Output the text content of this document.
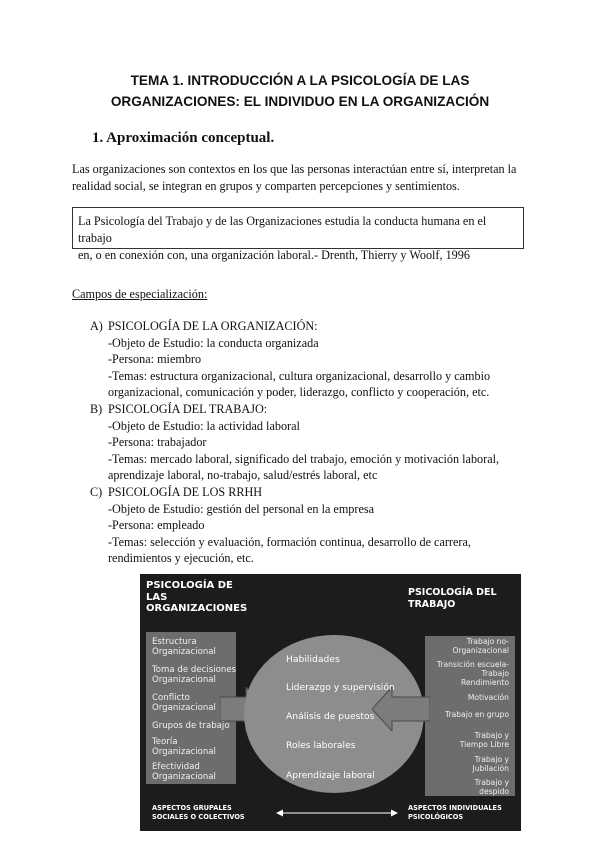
TEMA 1. INTRODUCCIÓN A LA PSICOLOGÍA DE LAS
ORGANIZACIONES: EL INDIVIDUO EN LA ORGANIZACIÓN
1. Aproximación conceptual.
Las organizaciones son contextos en los que las personas interactúan entre sí, interpretan la
realidad social, se integran en grupos y comparten percepciones y sentimientos.
La Psicología del Trabajo y de las Organizaciones estudia la conducta humana en el trabajo
en, o en conexión con, una organización laboral.- Drenth, Thierry y Woolf, 1996
Campos de especialización:
A) PSICOLOGÍA DE LA ORGANIZACIÓN:
-Objeto de Estudio: la conducta organizada
-Persona: miembro
-Temas: estructura organizacional, cultura organizacional, desarrollo y cambio
organizacional, comunicación y poder, liderazgo, conflicto y cooperación, etc.
B) PSICOLOGÍA DEL TRABAJO:
-Objeto de Estudio: la actividad laboral
-Persona: trabajador
-Temas: mercado laboral, significado del trabajo, emoción y motivación laboral,
aprendizaje laboral, no-trabajo, salud/estrés laboral, etc
C) PSICOLOGÍA DE LOS RRHH
-Objeto de Estudio: gestión del personal en la empresa
-Persona: empleado
-Temas: selección y evaluación, formación continua, desarrollo de carrera,
rendimientos y ejecución, etc.
PSICOLOGÍA DE
LAS
ORGANIZACIONES
PSICOLOGÍA DEL
TRABAJO
Estructura
Organizacional
Toma de decisiones
Organizacional
Conflicto
Organizacional
Grupos de trabajo
Teoría
Organizacional
Efectividad
Organizacional
Habilidades
Liderazgo y supervisión
Análisis de puestos
Roles laborales
Aprendizaje laboral
Trabajo no-
Organizacional
Transición escuela-
Trabajo
Rendimiento
Motivación
Trabajo en grupo
Trabajo y
Tiempo Libre
Trabajo y
Jubilación
Trabajo y
despido
ASPECTOS GRUPALES
SOCIALES O COLECTIVOS
ASPECTOS INDIVIDUALES
PSICOLÓGICOS
